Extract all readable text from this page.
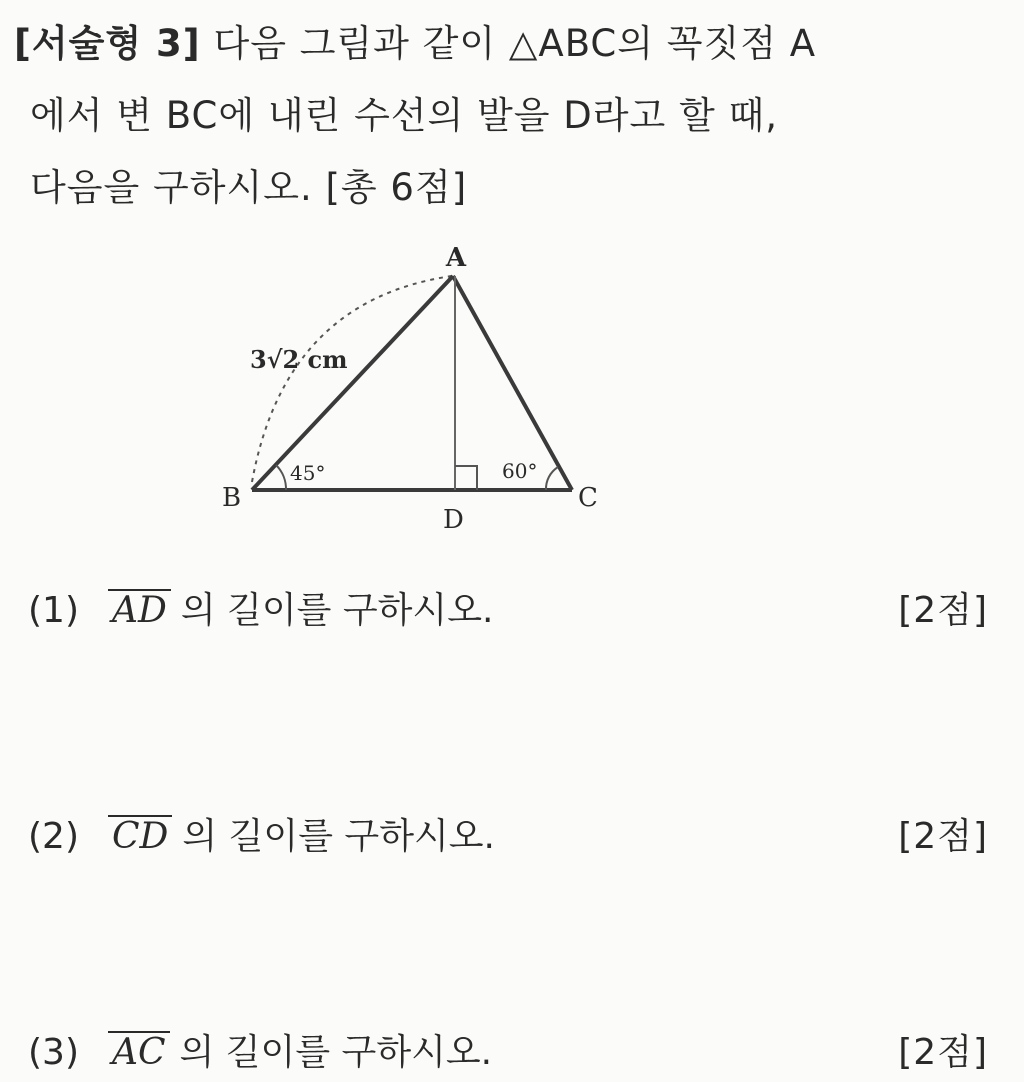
[서술형 3] 다음 그림과 같이 △ABC의 꼭짓점 A
에서 변 BC에 내린 수선의 발을 D라고 할 때,
다음을 구하시오. [총 6점]
A
B	C
D
3√2 cm
45°	60°
(1) AD 의 길이를 구하시오.	[2점]
(2) CD 의 길이를 구하시오.	[2점]
(3) AC 의 길이를 구하시오.	[2점]
